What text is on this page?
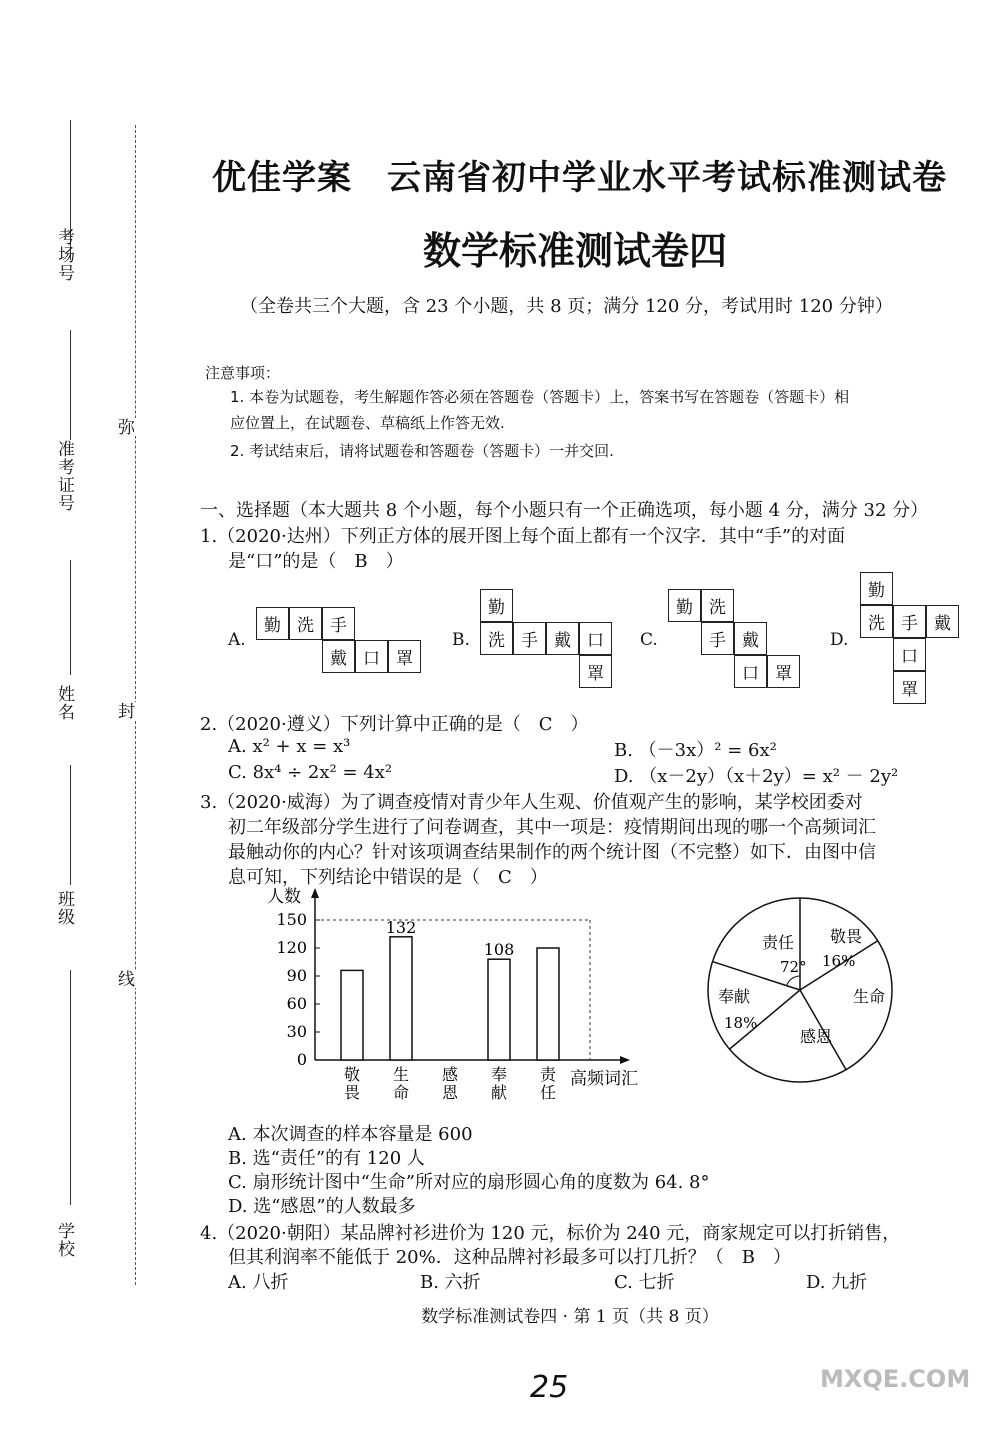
考场号
准考证号
姓名
班级
学校
弥
封
线
优佳学案　云南省初中学业水平考试标准测试卷
数学标准测试卷四
（全卷共三个大题，含 23 个小题，共 8 页；满分 120 分，考试用时 120 分钟）
注意事项：
1. 本卷为试题卷，考生解题作答必须在答题卷（答题卡）上，答案书写在答题卷（答题卡）相
应位置上，在试题卷、草稿纸上作答无效.
2. 考试结束后，请将试题卷和答题卷（答题卡）一并交回.
一、选择题（本大题共 8 个小题，每个小题只有一个正确选项，每小题 4 分，满分 32 分）
1.（2020·达州）下列正方体的展开图上每个面上都有一个汉字．其中“手”的对面
是“口”的是（　B　）
A.
勤 洗 手
戴 口 罩
B.
勤
洗 手 戴 口
罩
C.
勤 洗
手 戴
口 罩
D.
勤
洗 手 戴
口
罩
2.（2020·遵义）下列计算中正确的是（　C　）
A. x² + x = x³	B. （－3x）² = 6x²
C. 8x⁴ ÷ 2x² = 4x²	D. （x－2y）（x＋2y）= x² － 2y²
3.（2020·威海）为了调查疫情对青少年人生观、价值观产生的影响，某学校团委对
初二年级部分学生进行了问卷调查，其中一项是：疫情期间出现的哪一个高频词汇
最触动你的内心？针对该项调查结果制作的两个统计图（不完整）如下．由图中信
息可知，下列结论中错误的是（　C　）
人数
0
30
60
90
120
150
敬
畏
132
生
命
感
恩
108
奉
献
责
任
高频词汇
责任
72°
敬畏
16%
生命
感恩
奉献
18%
A. 本次调查的样本容量是 600
B. 选“责任”的有 120 人
C. 扇形统计图中“生命”所对应的扇形圆心角的度数为 64. 8°
D. 选“感恩”的人数最多
4.（2020·朝阳）某品牌衬衫进价为 120 元，标价为 240 元，商家规定可以打折销售，
但其利润率不能低于 20%．这种品牌衬衫最多可以打几折？（　B　）
A. 八折	B. 六折	C. 七折	D. 九折
数学标准测试卷四 · 第 1 页（共 8 页）
25	MXQE.COM
